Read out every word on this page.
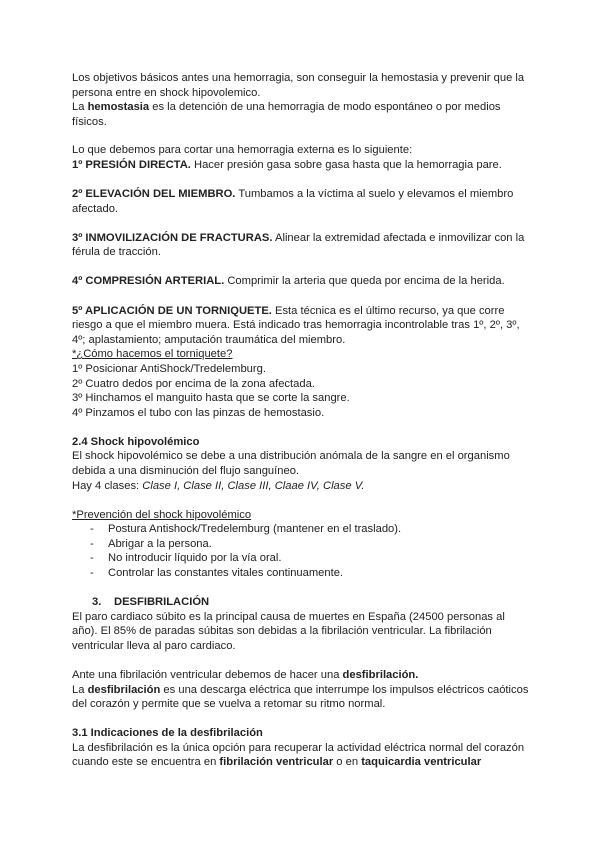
Los objetivos básicos antes una hemorragia, son conseguir la hemostasia y prevenir que la persona entre en shock hipovolemico.

La hemostasia es la detención de una hemorragia de modo espontáneo o por medios físicos.

Lo que debemos para cortar una hemorragia externa es lo siguiente:

1º PRESIÓN DIRECTA. Hacer presión gasa sobre gasa hasta que la hemorragia pare.

2º ELEVACIÓN DEL MIEMBRO. Tumbamos a la víctima al suelo y elevamos el miembro afectado.

3º INMOVILIZACIÓN DE FRACTURAS. Alinear la extremidad afectada e inmovilizar con la férula de tracción.

4º COMPRESIÓN ARTERIAL. Comprimir la arteria que queda por encima de la herida.

5º APLICACIÓN DE UN TORNIQUETE. Esta técnica es el último recurso, ya que corre riesgo a que el miembro muera. Está indicado tras hemorragia incontrolable tras 1º, 2º, 3º, 4º; aplastamiento; amputación traumática del miembro.

*¿Cómo hacemos el torniquete?

1º Posicionar AntiShock/Tredelemburg.

2º Cuatro dedos por encima de la zona afectada.

3º Hinchamos el manguito hasta que se corte la sangre.

4º Pinzamos el tubo con las pinzas de hemostasio.

2.4 Shock hipovolémico

El shock hipovolémico se debe a una distribución anómala de la sangre en el organismo debida a una disminución del flujo sanguíneo.

Hay 4 clases: Clase I, Clase II, Clase III, Claae IV, Clase V.

*Prevención del shock hipovolémico

- Postura Antishock/Tredelemburg (mantener en el traslado).
- Abrigar a la persona.
- No introducir líquido por la vía oral.
- Controlar las constantes vitales continuamente.

3. DESFIBRILACIÓN

El paro cardiaco súbito es la principal causa de muertes en España (24500 personas al año). El 85% de paradas súbitas son debidas a la fibrilación ventricular. La fibrilación ventricular lleva al paro cardiaco.

Ante una fibrilación ventricular debemos de hacer una desfibrilación.

La desfibrilación es una descarga eléctrica que interrumpe los impulsos eléctricos caóticos del corazón y permite que se vuelva a retomar su ritmo normal.

3.1 Indicaciones de la desfibrilación

La desfibrilación es la única opción para recuperar la actividad eléctrica normal del corazón cuando este se encuentra en fibrilación ventricular o en taquicardia ventricular
